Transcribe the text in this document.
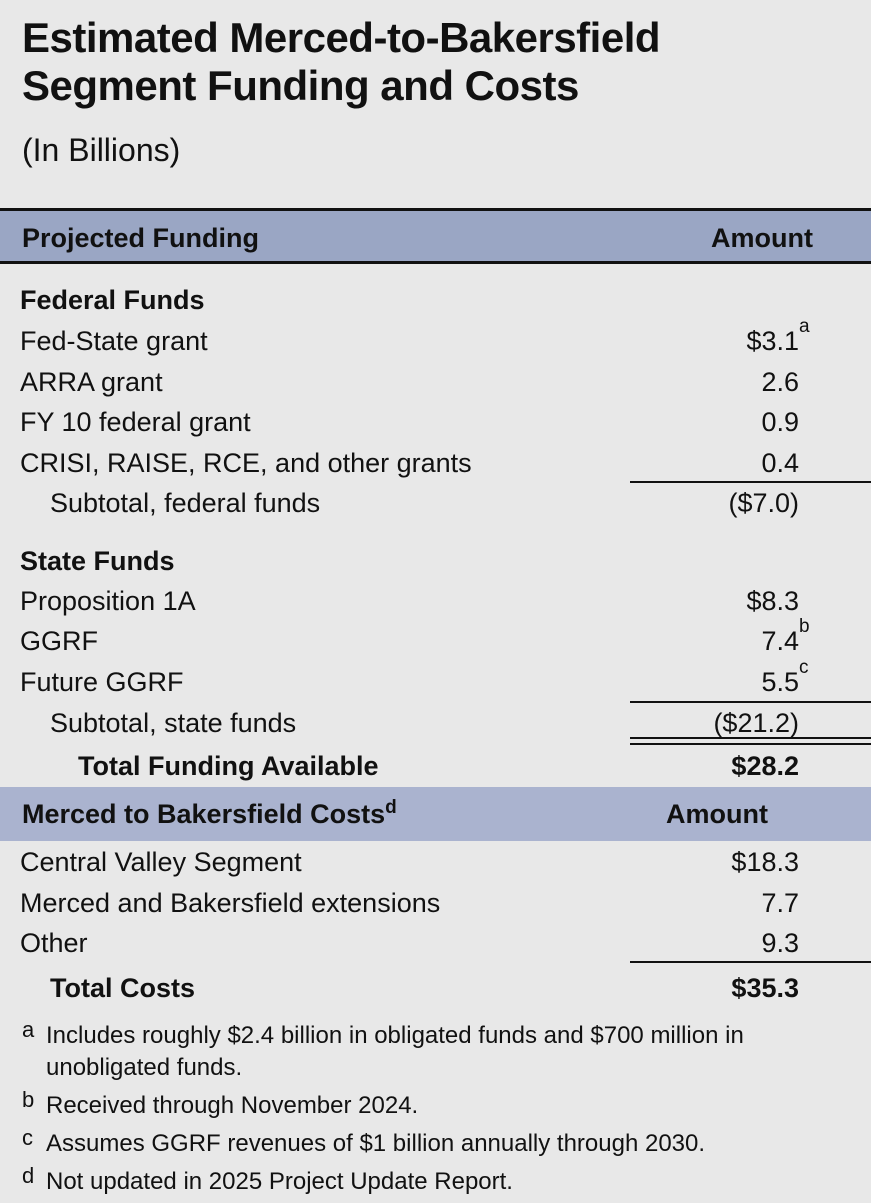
Estimated Merced-to-Bakersfield
Segment Funding and Costs
(In Billions)
Projected Funding	Amount
Federal Funds
Fed-State grant	$3.1 a
ARRA grant	2.6
FY 10 federal grant	0.9
CRISI, RAISE, RCE, and other grants	0.4
Subtotal, federal funds	($7.0)
State Funds
Proposition 1A	$8.3
GGRF	7.4 b
Future GGRF	5.5 c
Subtotal, state funds	($21.2)
Total Funding Available	$28.2
Merced to Bakersfield Costs$^d$	Amount
Central Valley Segment	$18.3
Merced and Bakersfield extensions	7.7
Other	9.3
Total Costs	$35.3
a Includes roughly $2.4 billion in obligated funds and $700 million in unobligated funds.
b Received through November 2024.
c Assumes GGRF revenues of $1 billion annually through 2030.
d Not updated in 2025 Project Update Report.
